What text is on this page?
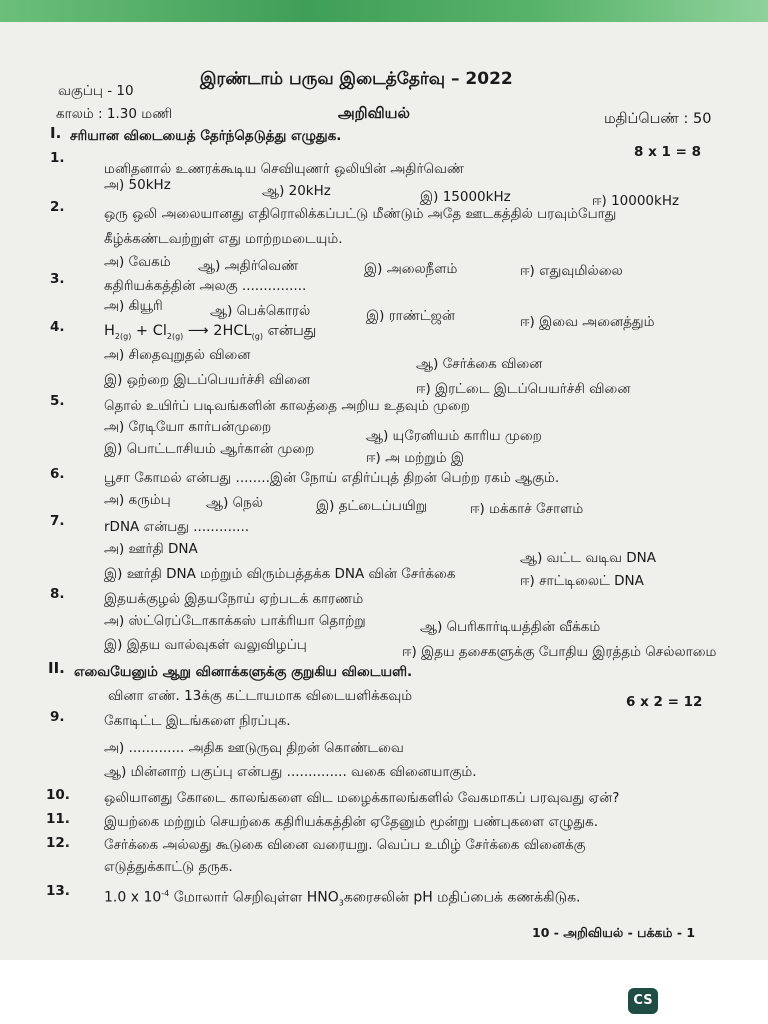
இரண்டாம் பருவ இடைத்தேர்வு – 2022
வகுப்பு - 10
காலம் : 1.30 மணி	அறிவியல்	மதிப்பெண் : 50
I. சரியான விடையைத் தேர்ந்தெடுத்து எழுதுக.
8 x 1 = 8
1.
மனிதனால் உணரக்கூடிய செவியுணர் ஒலியின் அதிர்வெண்
அ) 50kHz	ஆ) 20kHz	இ) 15000kHz	ஈ) 10000kHz
2.	ஒரு ஒலி அலையானது எதிரொலிக்கப்பட்டு மீண்டும் அதே ஊடகத்தில் பரவும்போது
கீழ்க்கண்டவற்றுள் எது மாற்றமடையும்.
அ) வேகம் ஆ) அதிர்வெண்	இ) அலைநீளம்	ஈ) எதுவுமில்லை
3.	கதிரியக்கத்தின் அலகு ...............
அ) கியூரி	ஆ) பெக்கொரல்	இ) ராண்ட்ஜன்	ஈ) இவை அனைத்தும்
4.	$H_{2(g)} + Cl_{2(g)}$ ⟶ $2HCL_{(g)}$ என்பது
அ) சிதைவுறுதல் வினை
ஆ) சேர்க்கை வினை
இ) ஒற்றை இடப்பெயர்ச்சி வினை
ஈ) இரட்டை இடப்பெயர்ச்சி வினை
5.	தொல் உயிர்ப் படிவங்களின் காலத்தை அறிய உதவும் முறை
அ) ரேடியோ கார்பன்முறை
ஆ) யுரேனியம் காரிய முறை
இ) பொட்டாசியம் ஆர்கான் முறை
ஈ) அ மற்றும் இ
6.	பூசா கோமல் என்பது ........இன் நோய் எதிர்ப்புத் திறன் பெற்ற ரகம் ஆகும்.
அ) கரும்பு	ஆ) நெல்	இ) தட்டைப்பயிறு	ஈ) மக்காச் சோளம்
7.	rDNA என்பது .............
அ) ஊர்தி DNA
ஆ) வட்ட வடிவ DNA
இ) ஊர்தி DNA மற்றும் விரும்பத்தக்க DNA வின் சேர்க்கை	ஈ) சாட்டிலைட் DNA
8.	இதயக்குழல் இதயநோய் ஏற்படக் காரணம்
அ) ஸ்ட்ரெப்டோகாக்கஸ் பாக்ரியா தொற்று	ஆ) பெரிகார்டியத்தின் வீக்கம்
இ) இதய வால்வுகள் வலுவிழப்பு	ஈ) இதய தசைகளுக்கு போதிய இரத்தம் செல்லாமை
II. எவையேனும் ஆறு வினாக்களுக்கு குறுகிய விடையளி.
வினா எண். 13க்கு கட்டாயமாக விடையளிக்கவும்	6 x 2 = 12
9.	கோடிட்ட இடங்களை நிரப்புக.
அ) ............. அதிக ஊடுருவு திறன் கொண்டவை
ஆ) மின்னாற் பகுப்பு என்பது .............. வகை வினையாகும்.
10.	ஒலியானது கோடை காலங்களை விட மழைக்காலங்களில் வேகமாகப் பரவுவது ஏன்?
11.	இயற்கை மற்றும் செயற்கை கதிரியக்கத்தின் ஏதேனும் மூன்று பண்புகளை எழுதுக.
12.	சேர்க்கை அல்லது கூடுகை வினை வரையறு. வெப்ப உமிழ் சேர்க்கை வினைக்கு
எடுத்துக்காட்டு தருக.
13. 1.0 x $10^{-4}$ மோலார் செறிவுள்ள $HNO_3கரைசலின்$ pH மதிப்பைக் கணக்கிடுக.
10 - அறிவியல் - பக்கம் - 1
CS
